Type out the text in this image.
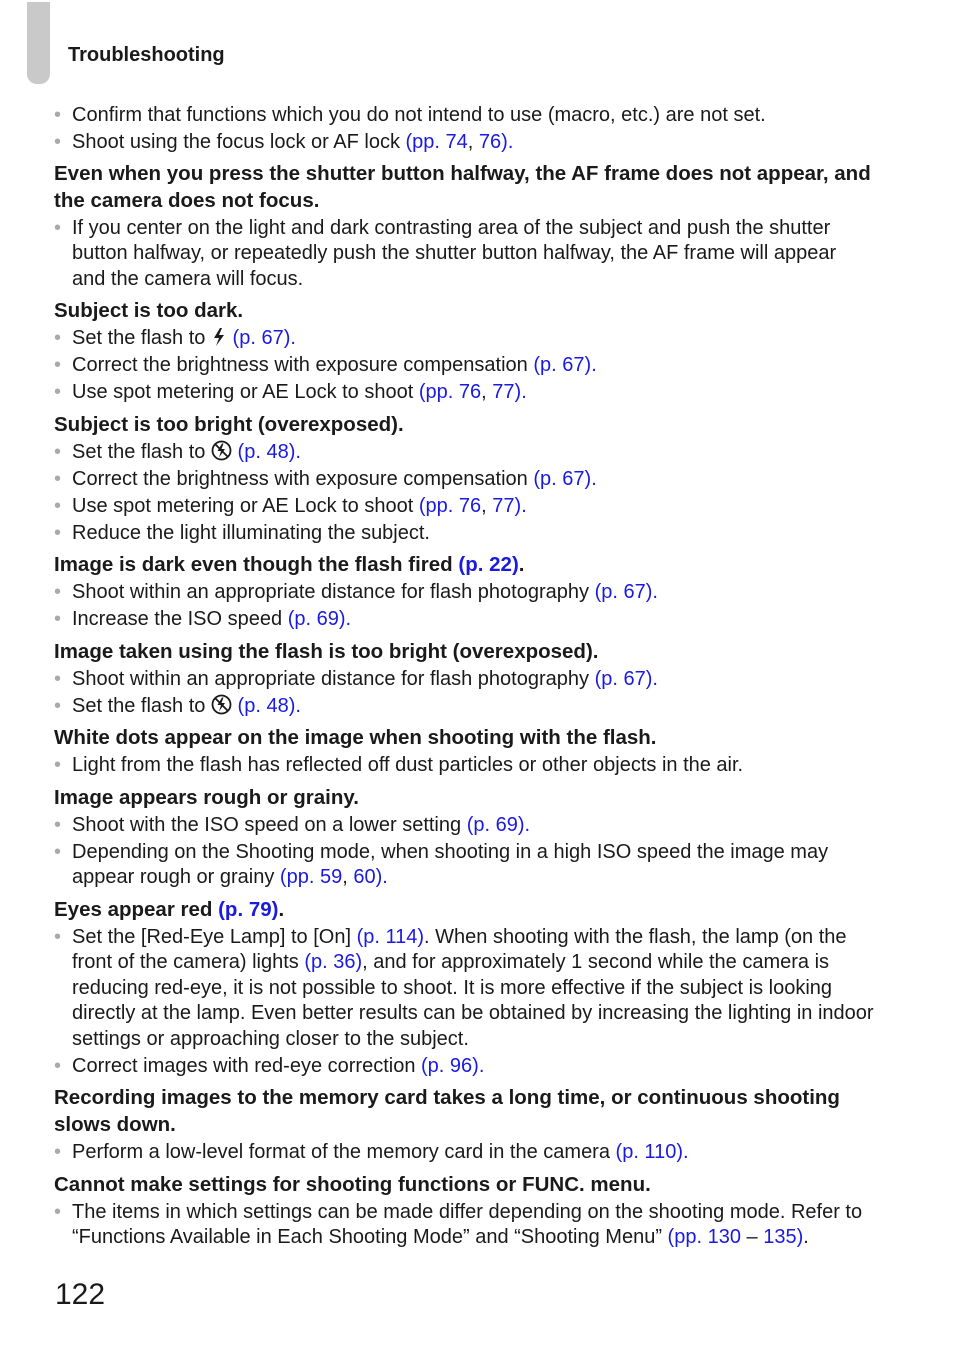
Troubleshooting
• Confirm that functions which you do not intend to use (macro, etc.) are not set.
• Shoot using the focus lock or AF lock (pp. 74, 76).
Even when you press the shutter button halfway, the AF frame does not appear, and the camera does not focus.
• If you center on the light and dark contrasting area of the subject and push the shutter button halfway, or repeatedly push the shutter button halfway, the AF frame will appear and the camera will focus.
Subject is too dark.
• Set the flash to (p. 67).
• Correct the brightness with exposure compensation (p. 67).
• Use spot metering or AE Lock to shoot (pp. 76, 77).
Subject is too bright (overexposed).
• Set the flash to (p. 48).
• Correct the brightness with exposure compensation (p. 67).
• Use spot metering or AE Lock to shoot (pp. 76, 77).
• Reduce the light illuminating the subject.
Image is dark even though the flash fired (p. 22).
• Shoot within an appropriate distance for flash photography (p. 67).
• Increase the ISO speed (p. 69).
Image taken using the flash is too bright (overexposed).
• Shoot within an appropriate distance for flash photography (p. 67).
• Set the flash to (p. 48).
White dots appear on the image when shooting with the flash.
• Light from the flash has reflected off dust particles or other objects in the air.
Image appears rough or grainy.
• Shoot with the ISO speed on a lower setting (p. 69).
• Depending on the Shooting mode, when shooting in a high ISO speed the image may appear rough or grainy (pp. 59, 60).
Eyes appear red (p. 79).
• Set the [Red-Eye Lamp] to [On] (p. 114). When shooting with the flash, the lamp (on the front of the camera) lights (p. 36), and for approximately 1 second while the camera is reducing red-eye, it is not possible to shoot. It is more effective if the subject is looking directly at the lamp. Even better results can be obtained by increasing the lighting in indoor settings or approaching closer to the subject.
• Correct images with red-eye correction (p. 96).
Recording images to the memory card takes a long time, or continuous shooting slows down.
• Perform a low-level format of the memory card in the camera (p. 110).
Cannot make settings for shooting functions or FUNC. menu.
• The items in which settings can be made differ depending on the shooting mode. Refer to “Functions Available in Each Shooting Mode” and “Shooting Menu” (pp. 130 – 135).
122
